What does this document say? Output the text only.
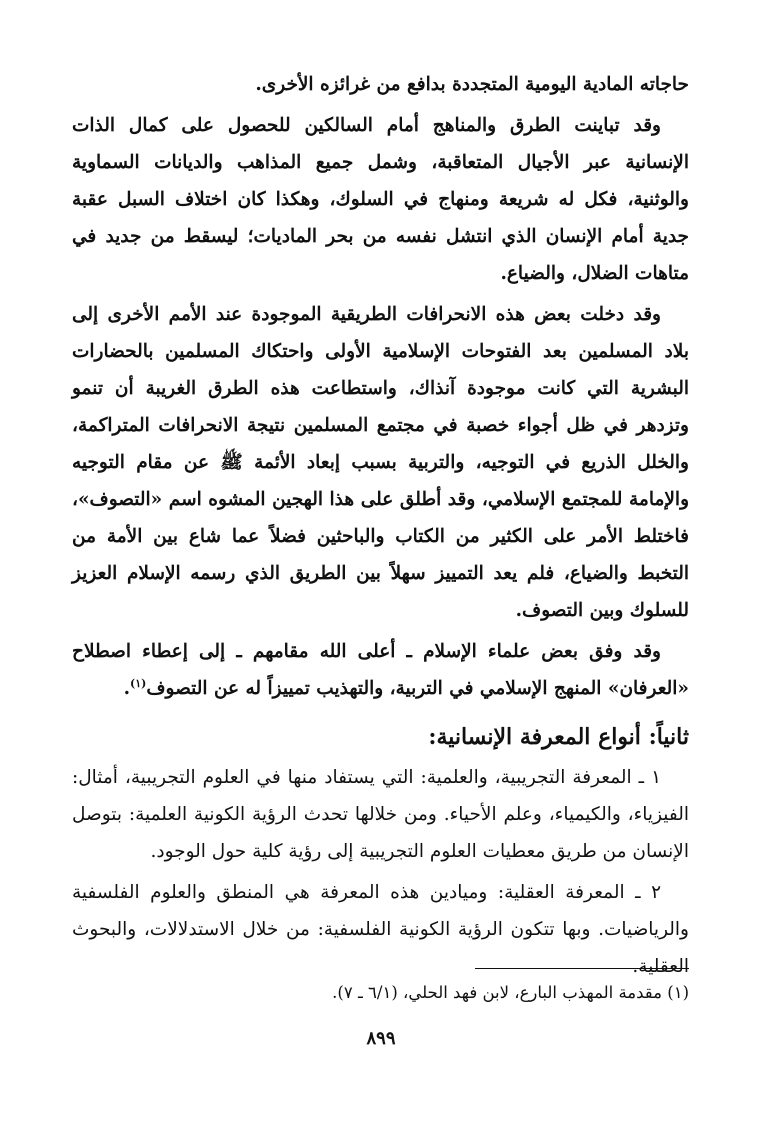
حاجاته المادية اليومية المتجددة بدافع من غرائزه الأخرى.

وقد تباينت الطرق والمناهج أمام السالكين للحصول على كمال الذات الإنسانية عبر الأجيال المتعاقبة، وشمل جميع المذاهب والديانات السماوية والوثنية، فكل له شريعة ومنهاج في السلوك، وهكذا كان اختلاف السبل عقبة جدية أمام الإنسان الذي انتشل نفسه من بحر الماديات؛ ليسقط من جديد في متاهات الضلال، والضياع.

وقد دخلت بعض هذه الانحرافات الطريقية الموجودة عند الأمم الأخرى إلى بلاد المسلمين بعد الفتوحات الإسلامية الأولى واحتكاك المسلمين بالحضارات البشرية التي كانت موجودة آنذاك، واستطاعت هذه الطرق الغريبة أن تنمو وتزدهر في ظل أجواء خصبة في مجتمع المسلمين نتيجة الانحرافات المتراكمة، والخلل الذريع في التوجيه، والتربية بسبب إبعاد الأئمة ﷺ عن مقام التوجيه والإمامة للمجتمع الإسلامي، وقد أطلق على هذا الهجين المشوه اسم «التصوف»، فاختلط الأمر على الكثير من الكتاب والباحثين فضلاً عما شاع بين الأمة من التخبط والضياع، فلم يعد التمييز سهلاً بين الطريق الذي رسمه الإسلام العزيز للسلوك وبين التصوف.

وقد وفق بعض علماء الإسلام ـ أعلى الله مقامهم ـ إلى إعطاء اصطلاح «العرفان» المنهج الإسلامي في التربية، والتهذيب تمييزاً له عن التصوف$^{(١)}$.

ثانياً: أنواع المعرفة الإنسانية:

١ ـ المعرفة التجريبية، والعلمية: التي يستفاد منها في العلوم التجريبية، أمثال: الفيزياء، والكيمياء، وعلم الأحياء. ومن خلالها تحدث الرؤية الكونية العلمية: بتوصل الإنسان من طريق معطيات العلوم التجريبية إلى رؤية كلية حول الوجود.

٢ ـ المعرفة العقلية: وميادين هذه المعرفة هي المنطق والعلوم الفلسفية والرياضيات. وبها تتكون الرؤية الكونية الفلسفية: من خلال الاستدلالات، والبحوث العقلية.

(١) مقدمة المهذب البارع، لابن فهد الحلي، (٦/١ ـ ٧).

٨٩٩
